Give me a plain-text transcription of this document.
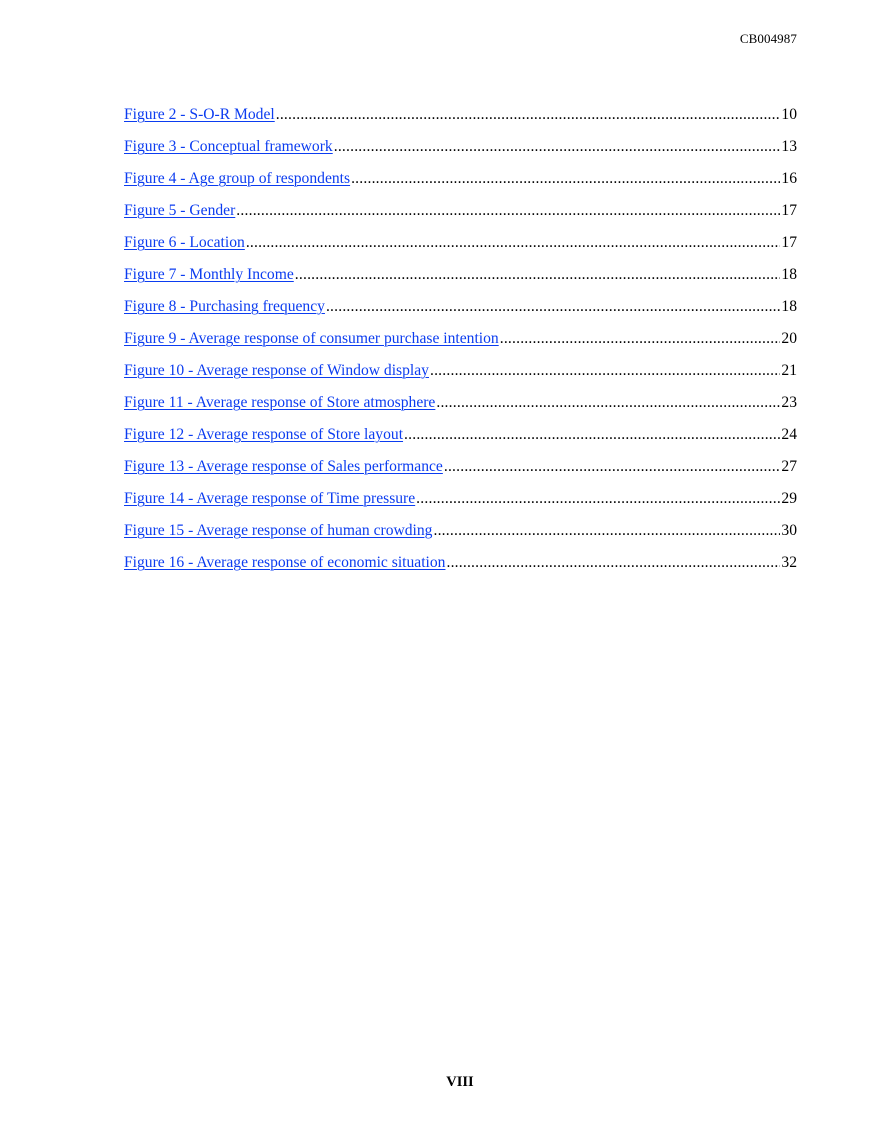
CB004987
Figure 2 - S-O-R Model .....	10
Figure 3 - Conceptual framework .....	13
Figure 4 - Age group of respondents .....	16
Figure 5 - Gender .....	17
Figure 6 - Location .....	17
Figure 7 - Monthly Income .....	18
Figure 8 - Purchasing frequency .....	18
Figure 9 - Average response of consumer purchase intention .....	20
Figure 10 - Average response of Window display .....	21
Figure 11 - Average response of Store atmosphere .....	23
Figure 12 - Average response of Store layout .....	24
Figure 13 - Average response of Sales performance .....	27
Figure 14 - Average response of Time pressure .....	29
Figure 15 - Average response of human crowding .....	30
Figure 16 - Average response of economic situation .....	32
VIII
